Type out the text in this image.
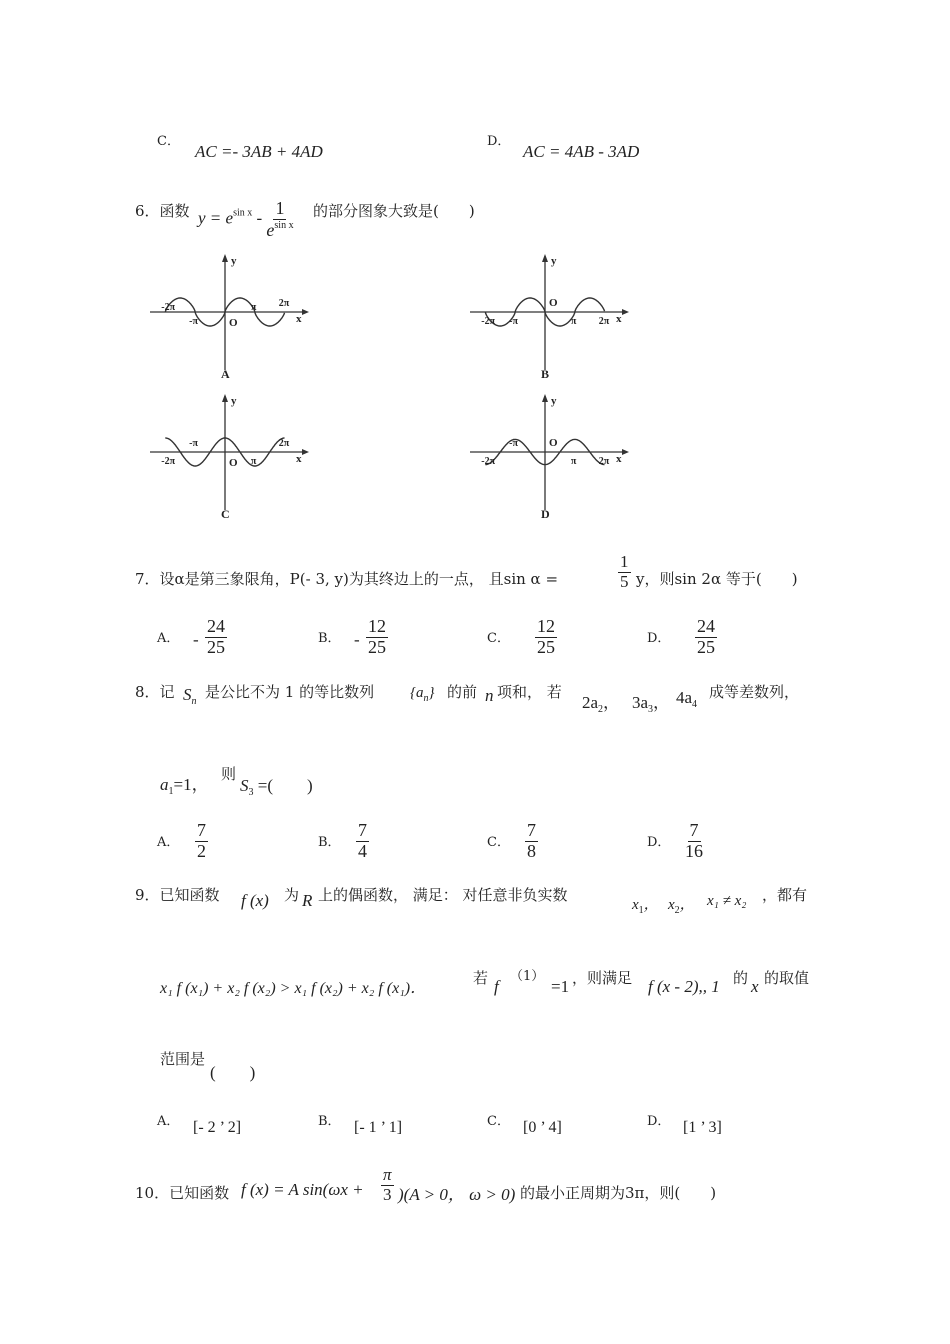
C．
AC =- 3AB + 4AD
D．
AC = 4AB - 3AD
6．函数 $y = e^{sin x} - \frac{1}{e^{sin x}}$ 的部分图象大致是(　　)
-2π
-π	O
π 2π
x
y
A
-2π -π
O
π 2π x
y
B
-2π
-π
O π
2π
x
y
C
-2π
-π	O
π 2π x
y
D
7．设α是第三象限角，P(- 3, y)为其终边上的一点， 且sin α =	$\frac{1}{5}$ y，则sin 2α 等于(　　)
A． - $\frac{24}{25}$	B． - $\frac{12}{25}$	C． $\frac{12}{25}$	D． $\frac{24}{25}$
8．记 $S_n$
是公比不为 1 的等比数列 $\{a_n\}$ 的前 n 项和， 若
$2a_2$， $3a_3$， $4a_4$
成等差数列，
$a_1=1$，
则
$S_3$ =(　　)
A． $\frac{7}{2}$	B． $\frac{7}{4}$	C． $\frac{7}{8}$	D． $\frac{7}{16}$
9．已知函数 f (x) 为 R 上的偶函数， 满足： 对任意非负实数
$x_1$， $x_2$， x₁ ≠ x₂ ，都有
x₁ f (x₁) + x₂ f (x₂) > x₁ f (x₂) + x₂ f (x₁)．
若 f
（1）
=1 ，则满足 f (x - 2),, 1 的 x 的取值
范围是
(　　)
A． [- 2 ’ 2]	B． [- 1 ’ 1]	C． [0 ’ 4]	D． [1 ’ 3]
10．已知函数 f (x) = A $\sin(\omega x + \frac{\pi}{3} )(A > 0$， ω > 0) 的最小正周期为3π，则(　　)
